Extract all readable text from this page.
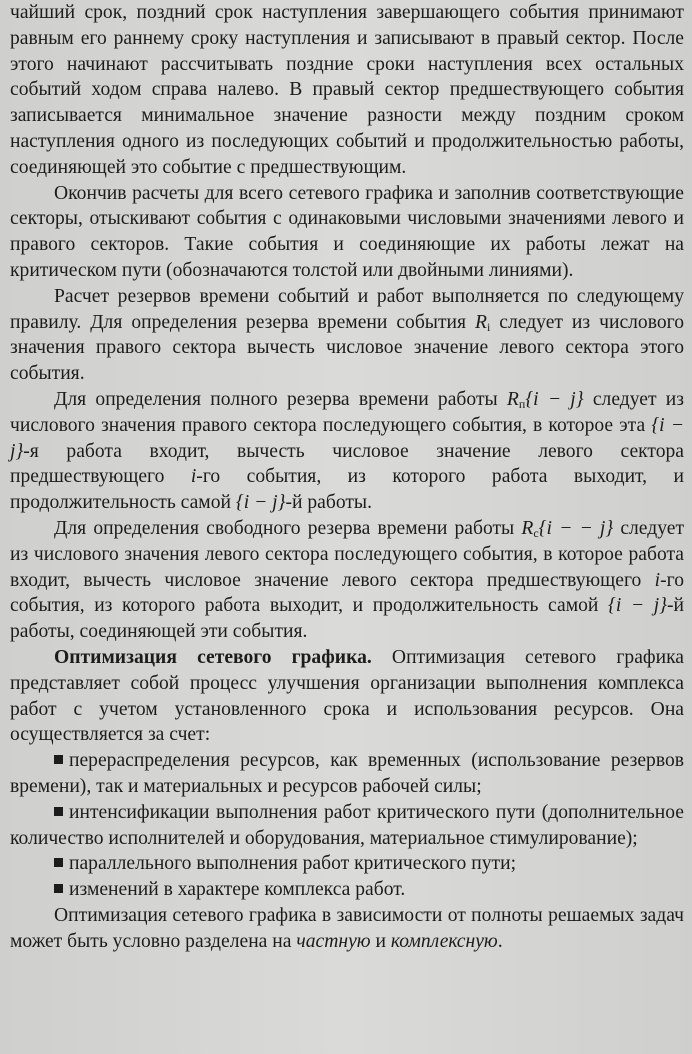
чайший срок, поздний срок наступления завершающего события принимают равным его раннему сроку наступления и записывают в правый сектор. После этого начинают рассчитывать поздние сроки наступления всех остальных событий ходом справа налево. В правый сектор предшествующего события записывается минимальное значение разности между поздним сроком наступления одного из последующих событий и продолжительностью работы, соединяющей это событие с предшествующим.

Окончив расчеты для всего сетевого графика и заполнив соответствующие секторы, отыскивают события с одинаковыми числовыми значениями левого и правого секторов. Такие события и соединяющие их работы лежат на критическом пути (обозначаются толстой или двойными линиями).

Расчет резервов времени событий и работ выполняется по следующему правилу. Для определения резерва времени события $R_i$ следует из числового значения правого сектора вычесть числовое значение левого сектора этого события.

Для определения полного резерва времени работы $R_п\{i - j\}$ следует из числового значения правого сектора последующего события, в которое эта {i − j}-я работа входит, вычесть числовое значение левого сектора предшествующего i-го события, из которого работа выходит, и продолжительность самой {i − j}-й работы.

Для определения свободного резерва времени работы $R_с\{i$ − − j} следует из числового значения левого сектора последующего события, в которое работа входит, вычесть числовое значение левого сектора предшествующего i-го события, из которого работа выходит, и продолжительность самой {i − j}-й работы, соединяющей эти события.

Оптимизация сетевого графика. Оптимизация сетевого графика представляет собой процесс улучшения организации выполнения комплекса работ с учетом установленного срока и использования ресурсов. Она осуществляется за счет:

перераспределения ресурсов, как временных (использование резервов времени), так и материальных и ресурсов рабочей силы;

интенсификации выполнения работ критического пути (дополнительное количество исполнителей и оборудования, материальное стимулирование);

параллельного выполнения работ критического пути;

изменений в характере комплекса работ.

Оптимизация сетевого графика в зависимости от полноты решаемых задач может быть условно разделена на частную и комплексную.
